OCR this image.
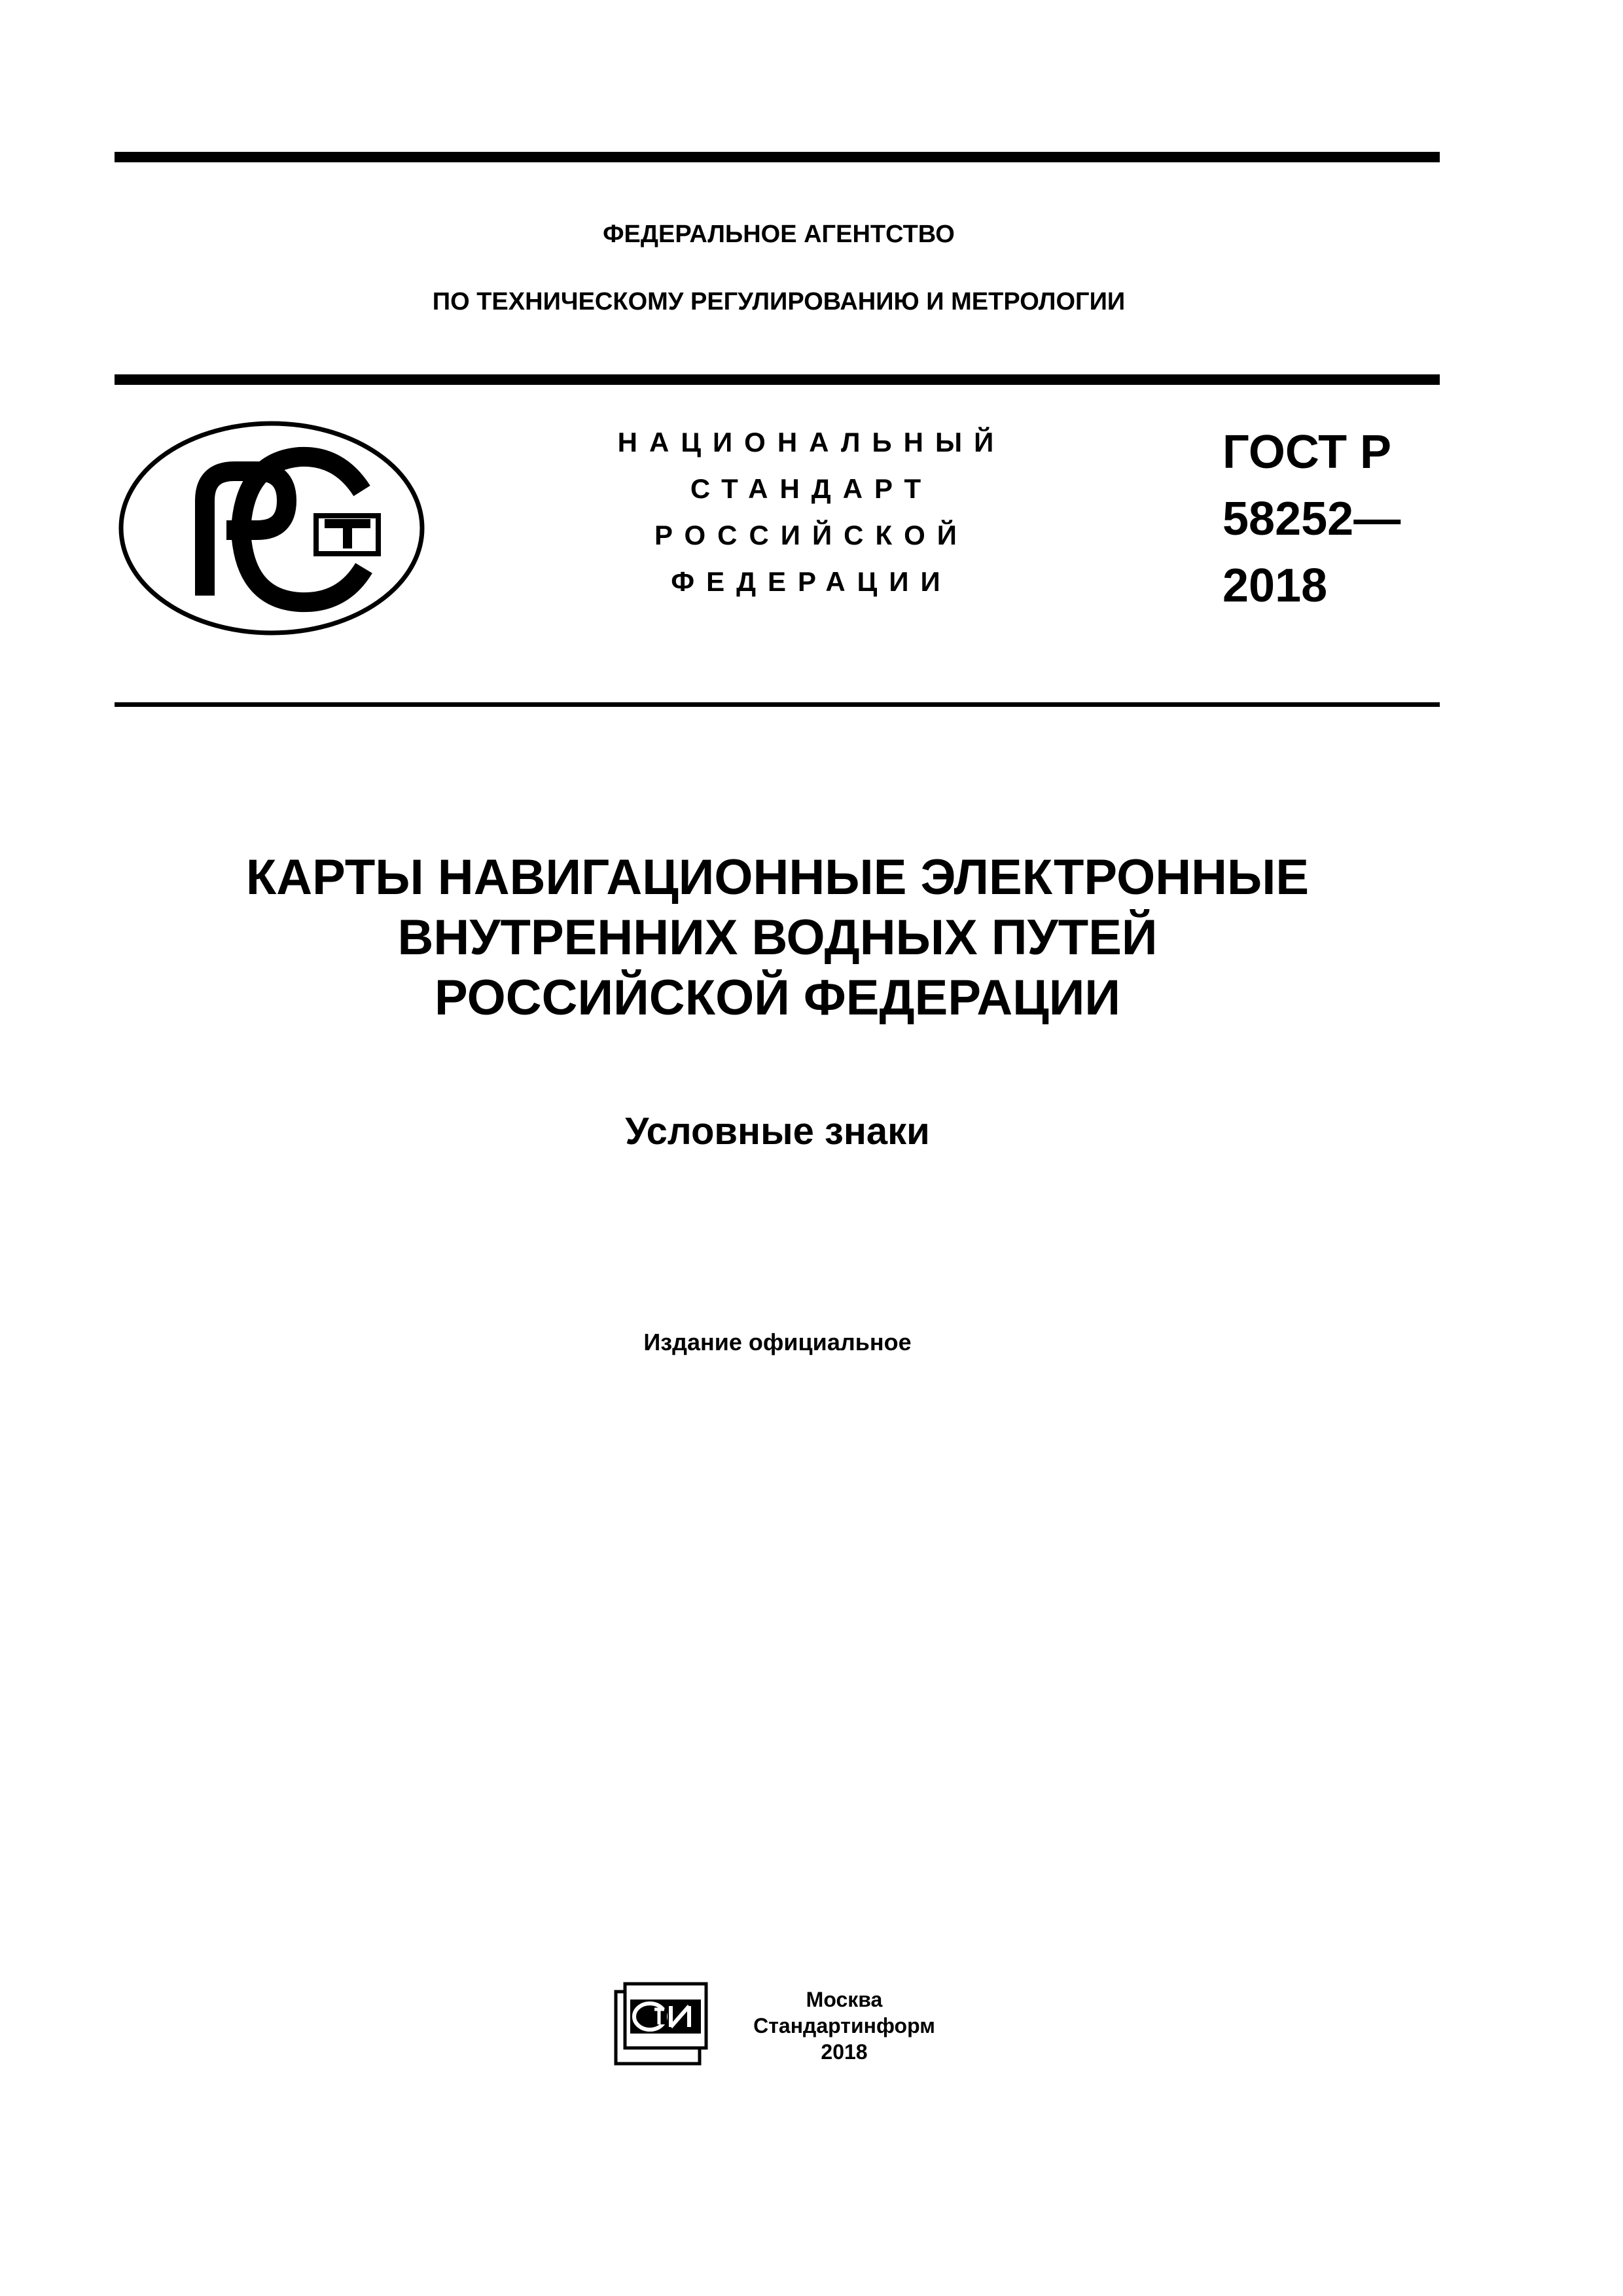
ФЕДЕРАЛЬНОЕ АГЕНТСТВО
ПО ТЕХНИЧЕСКОМУ РЕГУЛИРОВАНИЮ И МЕТРОЛОГИИ
НАЦИОНАЛЬНЫЙ
СТАНДАРТ
РОССИЙСКОЙ
ФЕДЕРАЦИИ
ГОСТ Р
58252—
2018
КАРТЫ НАВИГАЦИОННЫЕ ЭЛЕКТРОННЫЕ
ВНУТРЕННИХ ВОДНЫХ ПУТЕЙ
РОССИЙСКОЙ ФЕДЕРАЦИИ
Условные знаки
Издание официальное
Москва
Стандартинформ
2018
